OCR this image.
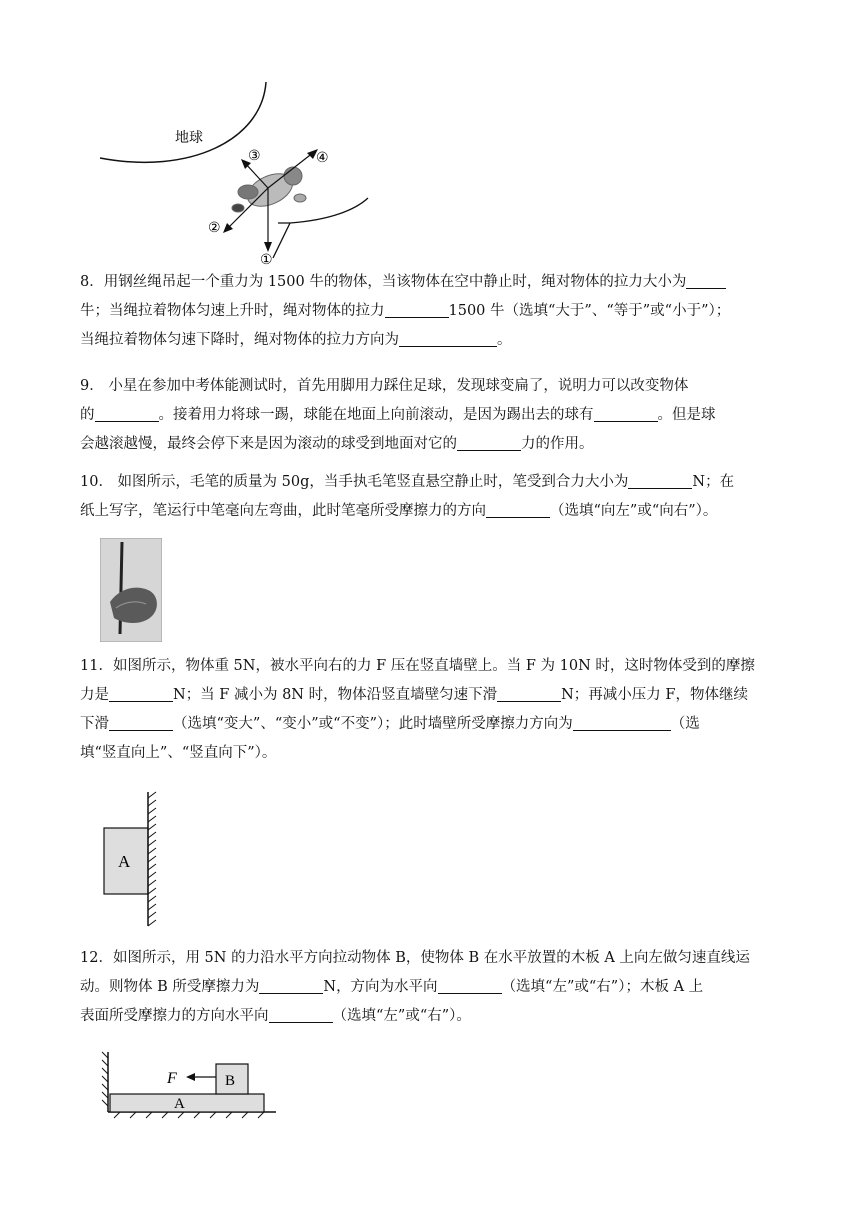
地球
①
②
③	④

8．用钢丝绳吊起一个重力为 1500 牛的物体，当该物体在空中静止时，绳对物体的拉力大小为

牛；当绳拉着物体匀速上升时，绳对物体的拉力	1500 牛（选填“大于”、“等于”或“小于”）；

当绳拉着物体匀速下降时，绳对物体的拉力方向为	。

9． 小星在参加中考体能测试时，首先用脚用力踩住足球，发现球变扁了，说明力可以改变物体

的	。接着用力将球一踢，球能在地面上向前滚动，是因为踢出去的球有	。但是球

会越滚越慢，最终会停下来是因为滚动的球受到地面对它的	力的作用。

10． 如图所示，毛笔的质量为 50g，当手执毛笔竖直悬空静止时，笔受到合力大小为	N；在

纸上写字，笔运行中笔毫向左弯曲，此时笔毫所受摩擦力的方向	（选填“向左”或“向右”）。

11．如图所示，物体重 5N，被水平向右的力 F 压在竖直墙壁上。当 F 为 10N 时，这时物体受到的摩擦

力是	N；当 F 减小为 8N 时，物体沿竖直墙壁匀速下滑	N；再减小压力 F，物体继续

下滑	（选填“变大”、“变小”或“不变”）；此时墙壁所受摩擦力方向为	（选

填“竖直向上”、“竖直向下”）。

A

12．如图所示，用 5N 的力沿水平方向拉动物体 B，使物体 B 在水平放置的木板 A 上向左做匀速直线运

动。则物体 B 所受摩擦力为	N，方向为水平向	（选填“左”或“右”）；木板 A 上

表面所受摩擦力的方向水平向	（选填“左”或“右”）。

A
B
F
